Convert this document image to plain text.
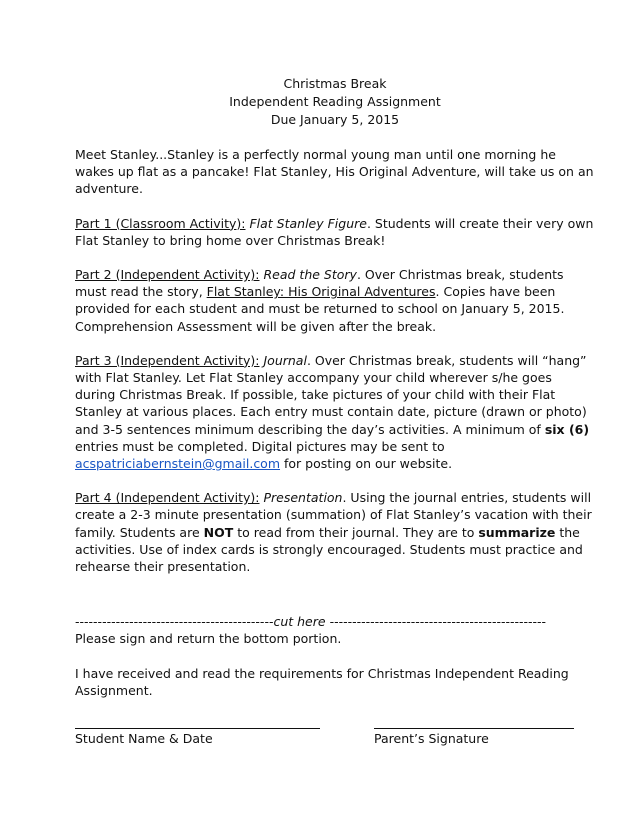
Christmas Break
Independent Reading Assignment
Due January 5, 2015

Meet Stanley...Stanley is a perfectly normal young man until one morning he wakes up flat as a pancake! Flat Stanley, His Original Adventure, will take us on an adventure.

Part 1 (Classroom Activity): Flat Stanley Figure. Students will create their very own Flat Stanley to bring home over Christmas Break!

Part 2 (Independent Activity): Read the Story. Over Christmas break, students must read the story, Flat Stanley: His Original Adventures. Copies have been provided for each student and must be returned to school on January 5, 2015. Comprehension Assessment will be given after the break.

Part 3 (Independent Activity): Journal. Over Christmas break, students will “hang” with Flat Stanley. Let Flat Stanley accompany your child wherever s/he goes during Christmas Break. If possible, take pictures of your child with their Flat Stanley at various places. Each entry must contain date, picture (drawn or photo) and 3-5 sentences minimum describing the day’s activities. A minimum of six (6) entries must be completed. Digital pictures may be sent to acspatriciabernstein@gmail.com for posting on our website.

Part 4 (Independent Activity): Presentation. Using the journal entries, students will create a 2-3 minute presentation (summation) of Flat Stanley’s vacation with their family. Students are NOT to read from their journal. They are to summarize the activities. Use of index cards is strongly encouraged. Students must practice and rehearse their presentation.

--------------------------------------------cut here ------------------------------------------------
Please sign and return the bottom portion.

I have received and read the requirements for Christmas Independent Reading Assignment.

Student Name & Date	Parent’s Signature
